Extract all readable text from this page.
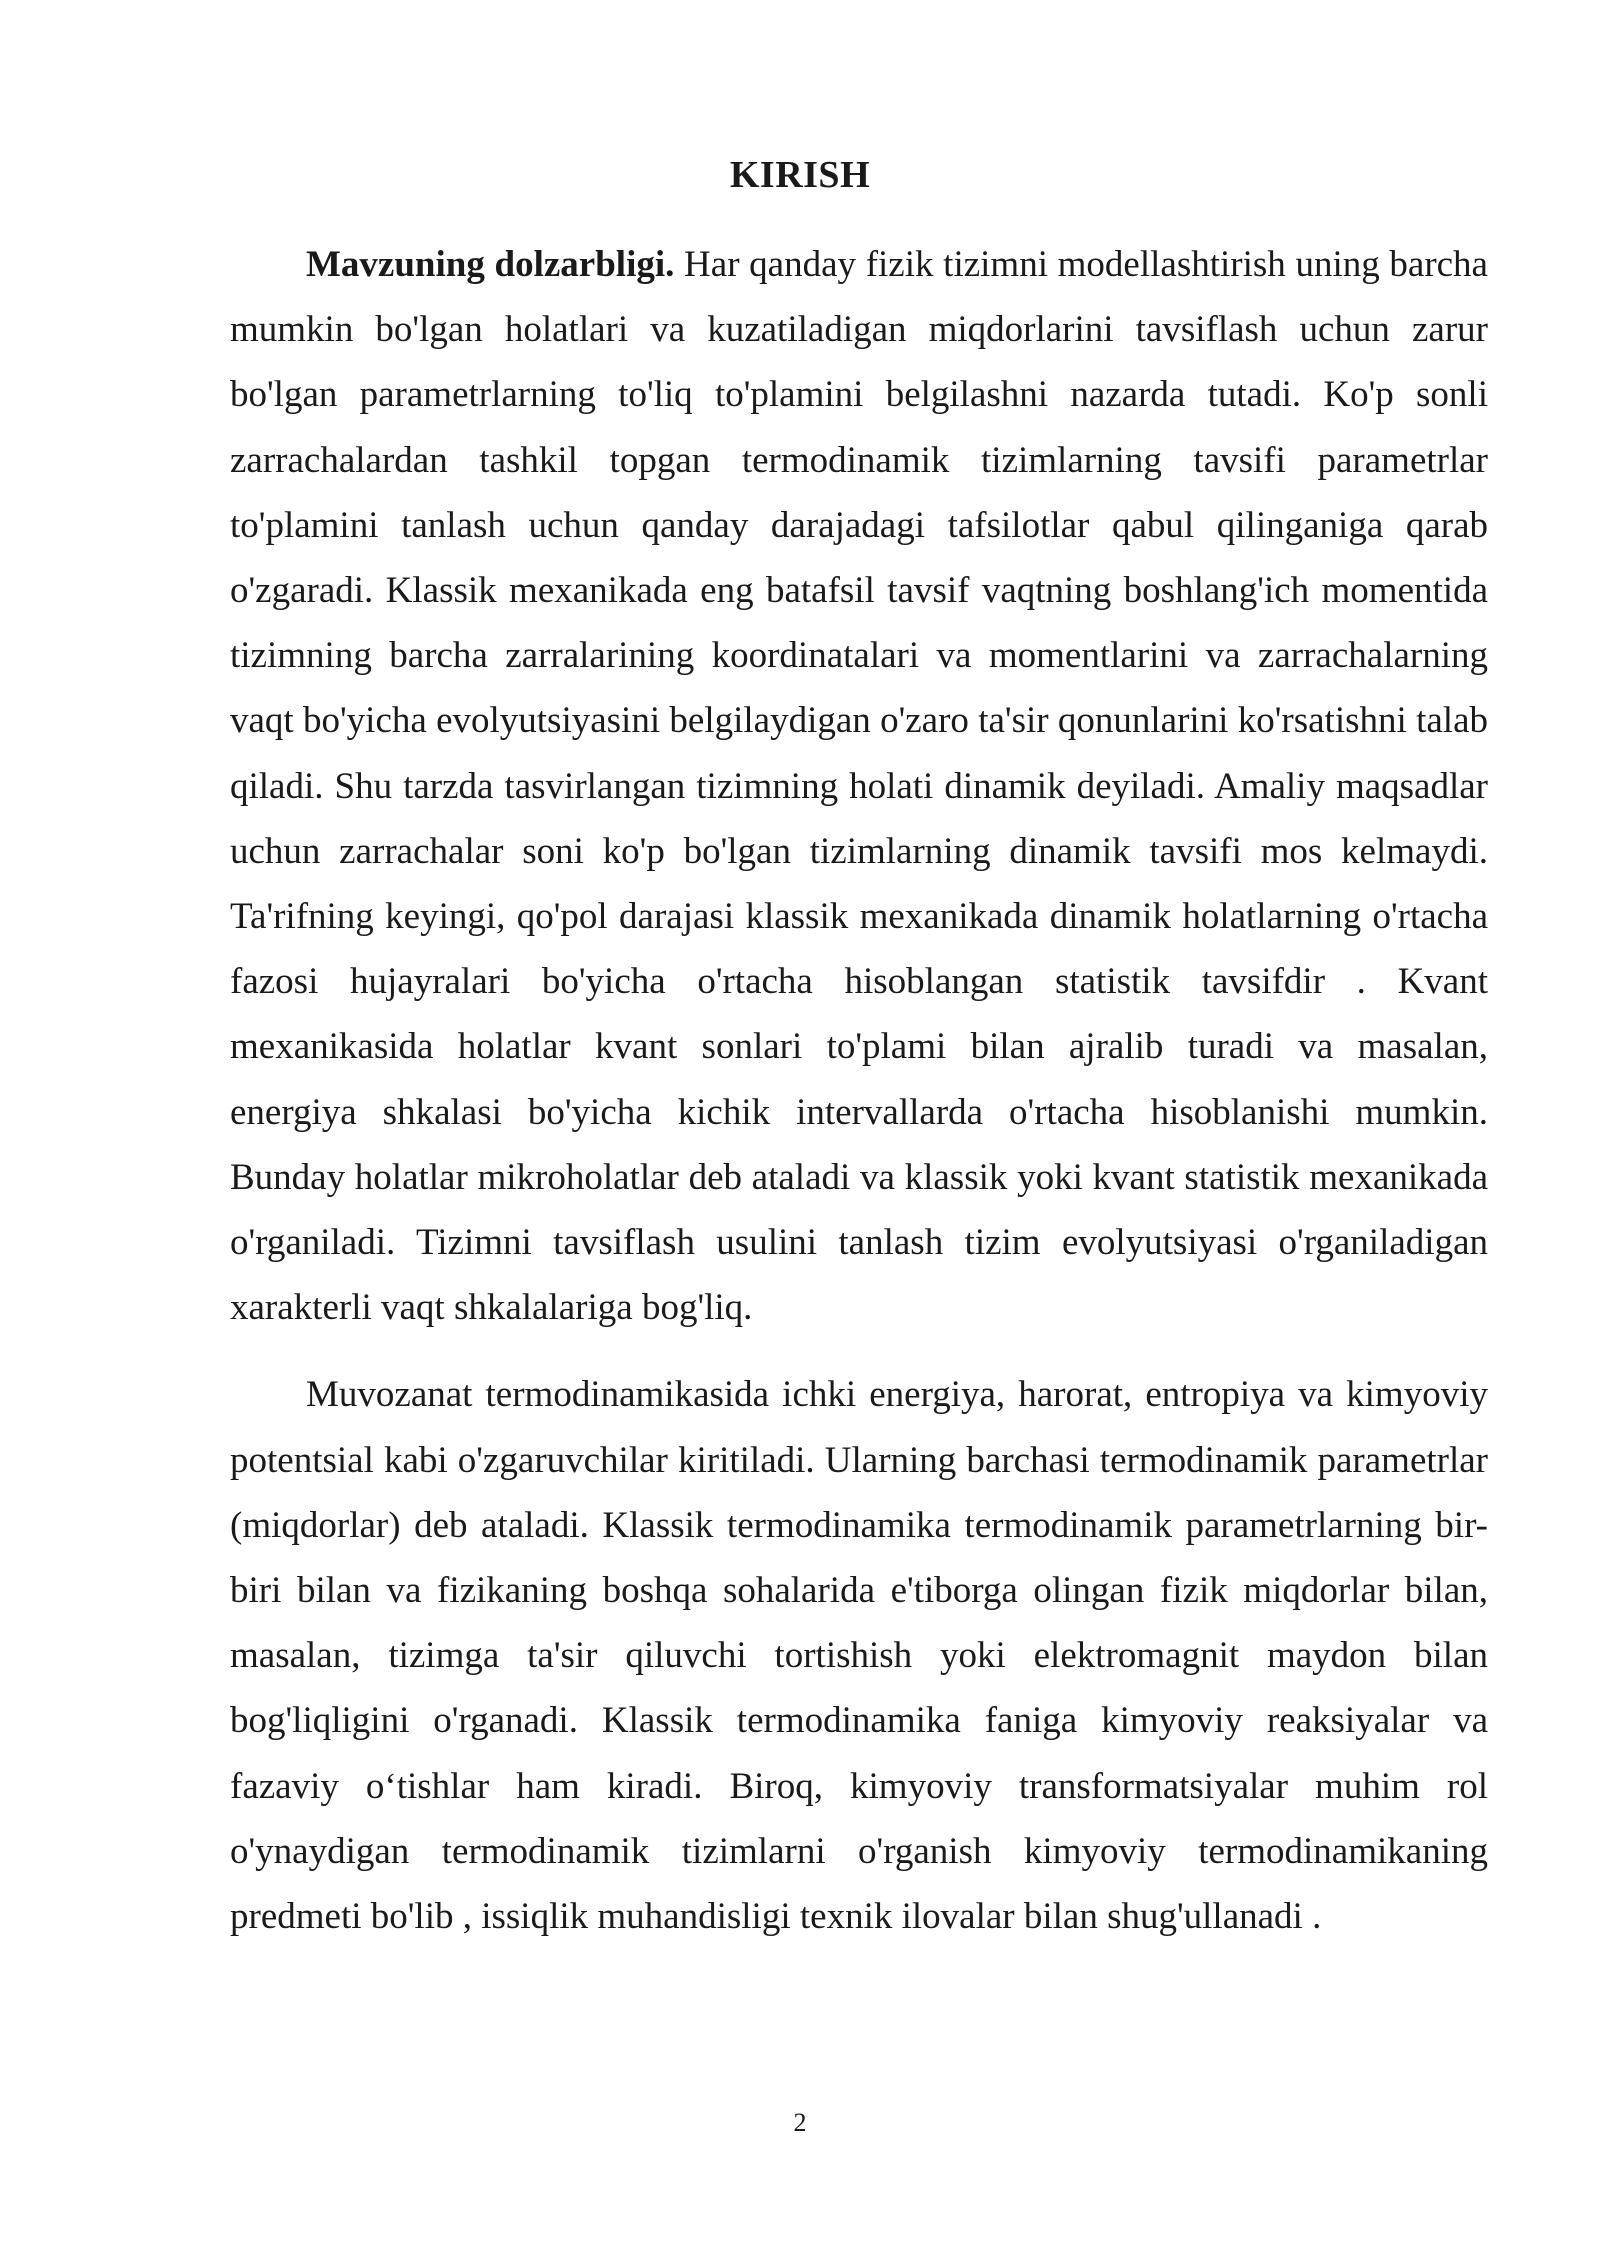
KIRISH

Mavzuning dolzarbligi. Har qanday fizik tizimni modellashtirish uning barcha mumkin bo'lgan holatlari va kuzatiladigan miqdorlarini tavsiflash uchun zarur bo'lgan parametrlarning to'liq to'plamini belgilashni nazarda tutadi. Ko'p sonli zarrachalardan tashkil topgan termodinamik tizimlarning tavsifi parametrlar to'plamini tanlash uchun qanday darajadagi tafsilotlar qabul qilinganiga qarab o'zgaradi. Klassik mexanikada eng batafsil tavsif vaqtning boshlang'ich momentida tizimning barcha zarralarining koordinatalari va momentlarini va zarrachalarning vaqt bo'yicha evolyutsiyasini belgilaydigan o'zaro ta'sir qonunlarini ko'rsatishni talab qiladi. Shu tarzda tasvirlangan tizimning holati dinamik deyiladi. Amaliy maqsadlar uchun zarrachalar soni ko'p bo'lgan tizimlarning dinamik tavsifi mos kelmaydi. Ta'rifning keyingi, qo'pol darajasi klassik mexanikada dinamik holatlarning o'rtacha fazosi hujayralari bo'yicha o'rtacha hisoblangan statistik tavsifdir . Kvant mexanikasida holatlar kvant sonlari to'plami bilan ajralib turadi va masalan, energiya shkalasi bo'yicha kichik intervallarda o'rtacha hisoblanishi mumkin. Bunday holatlar mikroholatlar deb ataladi va klassik yoki kvant statistik mexanikada o'rganiladi. Tizimni tavsiflash usulini tanlash tizim evolyutsiyasi o'rganiladigan xarakterli vaqt shkalalariga bog'liq.

Muvozanat termodinamikasida ichki energiya, harorat, entropiya va kimyoviy potentsial kabi o'zgaruvchilar kiritiladi. Ularning barchasi termodinamik parametrlar (miqdorlar) deb ataladi. Klassik termodinamika termodinamik parametrlarning bir-biri bilan va fizikaning boshqa sohalarida e'tiborga olingan fizik miqdorlar bilan, masalan, tizimga ta'sir qiluvchi tortishish yoki elektromagnit maydon bilan bog'liqligini o'rganadi. Klassik termodinamika faniga kimyoviy reaksiyalar va fazaviy o‘tishlar ham kiradi. Biroq, kimyoviy transformatsiyalar muhim rol o'ynaydigan termodinamik tizimlarni o'rganish kimyoviy termodinamikaning predmeti bo'lib , issiqlik muhandisligi texnik ilovalar bilan shug'ullanadi .

2
